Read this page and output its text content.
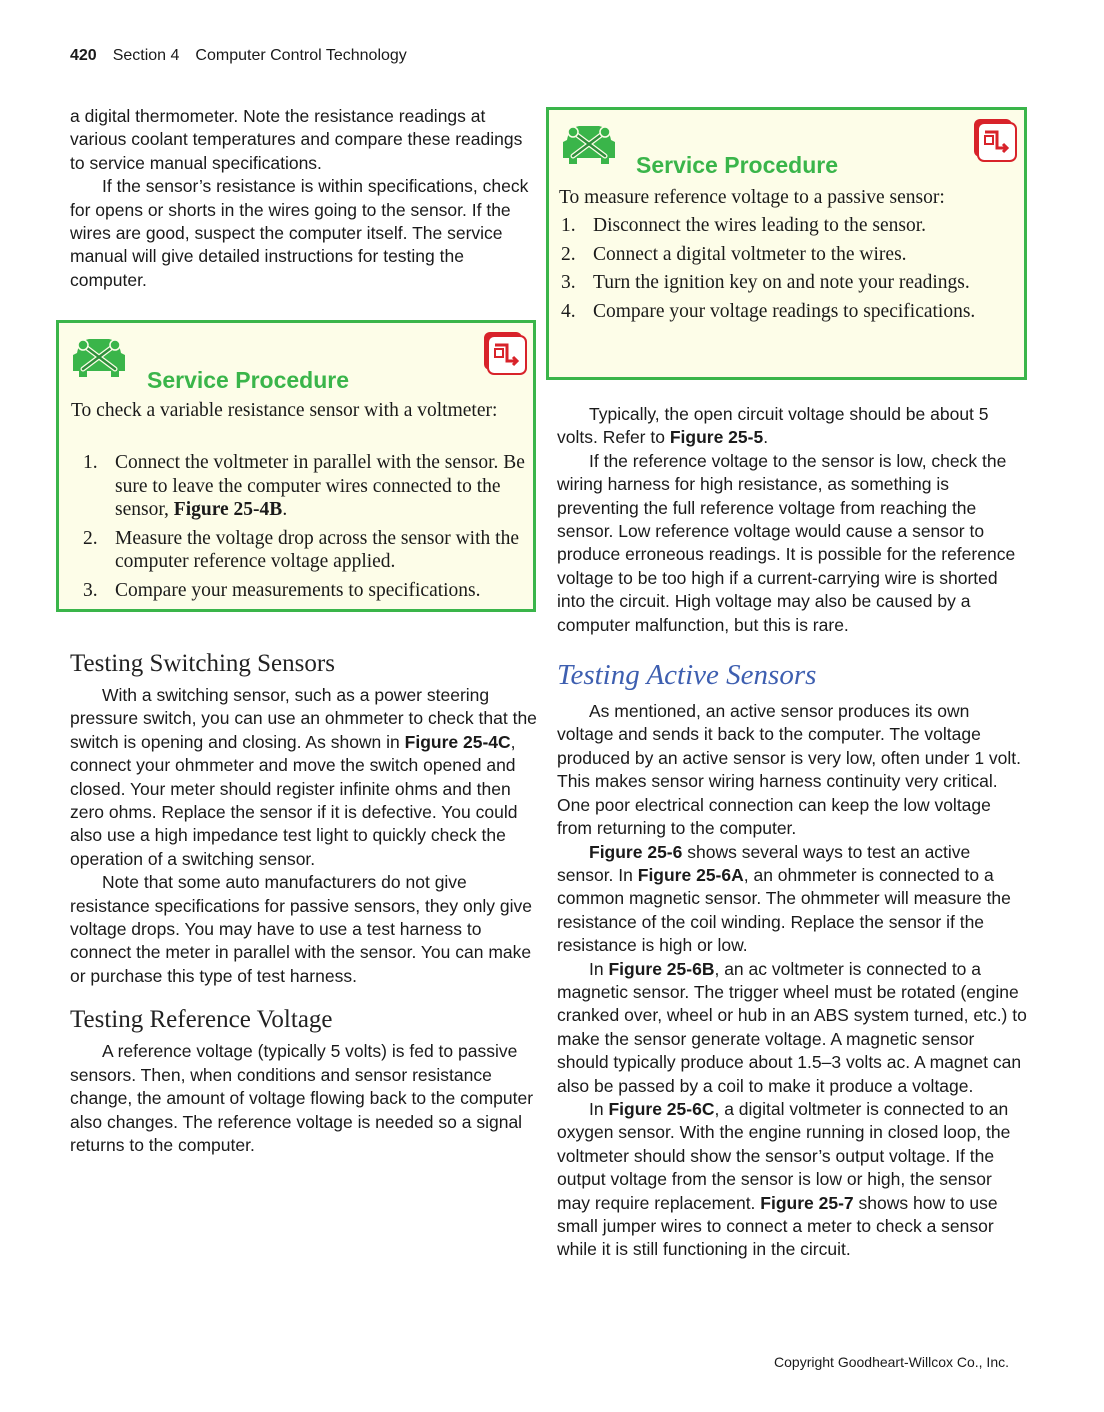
420 Section 4 Computer Control Technology

a digital thermometer. Note the resistance readings at various coolant temperatures and compare these readings to service manual specifications.

If the sensor’s resistance is within specifications, check for opens or shorts in the wires going to the sensor. If the wires are good, suspect the computer itself. The service manual will give detailed instructions for testing the computer.

Service Procedure
To check a variable resistance sensor with a voltmeter:
1. Connect the voltmeter in parallel with the sensor. Be sure to leave the computer wires connected to the sensor, Figure 25-4B.
2. Measure the voltage drop across the sensor with the computer reference voltage applied.
3. Compare your measurements to specifications.
Testing Switching Sensors

With a switching sensor, such as a power steering pressure switch, you can use an ohmmeter to check that the switch is opening and closing. As shown in Figure 25-4C, connect your ohmmeter and move the switch opened and closed. Your meter should register infinite ohms and then zero ohms. Replace the sensor if it is defective. You could also use a high impedance test light to quickly check the operation of a switching sensor.

Note that some auto manufacturers do not give resistance specifications for passive sensors, they only give voltage drops. You may have to use a test harness to connect the meter in parallel with the sensor. You can make or purchase this type of test harness.

Testing Reference Voltage

A reference voltage (typically 5 volts) is fed to passive sensors. Then, when conditions and sensor resistance change, the amount of voltage flowing back to the computer also changes. The reference voltage is needed so a signal returns to the computer.

Service Procedure
To measure reference voltage to a passive sensor:
1. Disconnect the wires leading to the sensor.
2. Connect a digital voltmeter to the wires.
3. Turn the ignition key on and note your readings.
4. Compare your voltage readings to specifications.

Typically, the open circuit voltage should be about 5 volts. Refer to Figure 25-5.

If the reference voltage to the sensor is low, check the wiring harness for high resistance, as something is preventing the full reference voltage from reaching the sensor. Low reference voltage would cause a sensor to produce erroneous readings. It is possible for the reference voltage to be too high if a current-carrying wire is shorted into the circuit. High voltage may also be caused by a computer malfunction, but this is rare.

Testing Active Sensors

As mentioned, an active sensor produces its own voltage and sends it back to the computer. The voltage produced by an active sensor is very low, often under 1 volt. This makes sensor wiring harness continuity very critical. One poor electrical connection can keep the low voltage from returning to the computer.

Figure 25-6 shows several ways to test an active sensor. In Figure 25-6A, an ohmmeter is connected to a common magnetic sensor. The ohmmeter will measure the resistance of the coil winding. Replace the sensor if the resistance is high or low.

In Figure 25-6B, an ac voltmeter is connected to a magnetic sensor. The trigger wheel must be rotated (engine cranked over, wheel or hub in an ABS system turned, etc.) to make the sensor generate voltage. A magnetic sensor should typically produce about 1.5–3 volts ac. A magnet can also be passed by a coil to make it produce a voltage.

In Figure 25-6C, a digital voltmeter is connected to an oxygen sensor. With the engine running in closed loop, the voltmeter should show the sensor’s output voltage. If the output voltage from the sensor is low or high, the sensor may require replacement. Figure 25-7 shows how to use small jumper wires to connect a meter to check a sensor while it is still functioning in the circuit.

Copyright Goodheart-Willcox Co., Inc.
